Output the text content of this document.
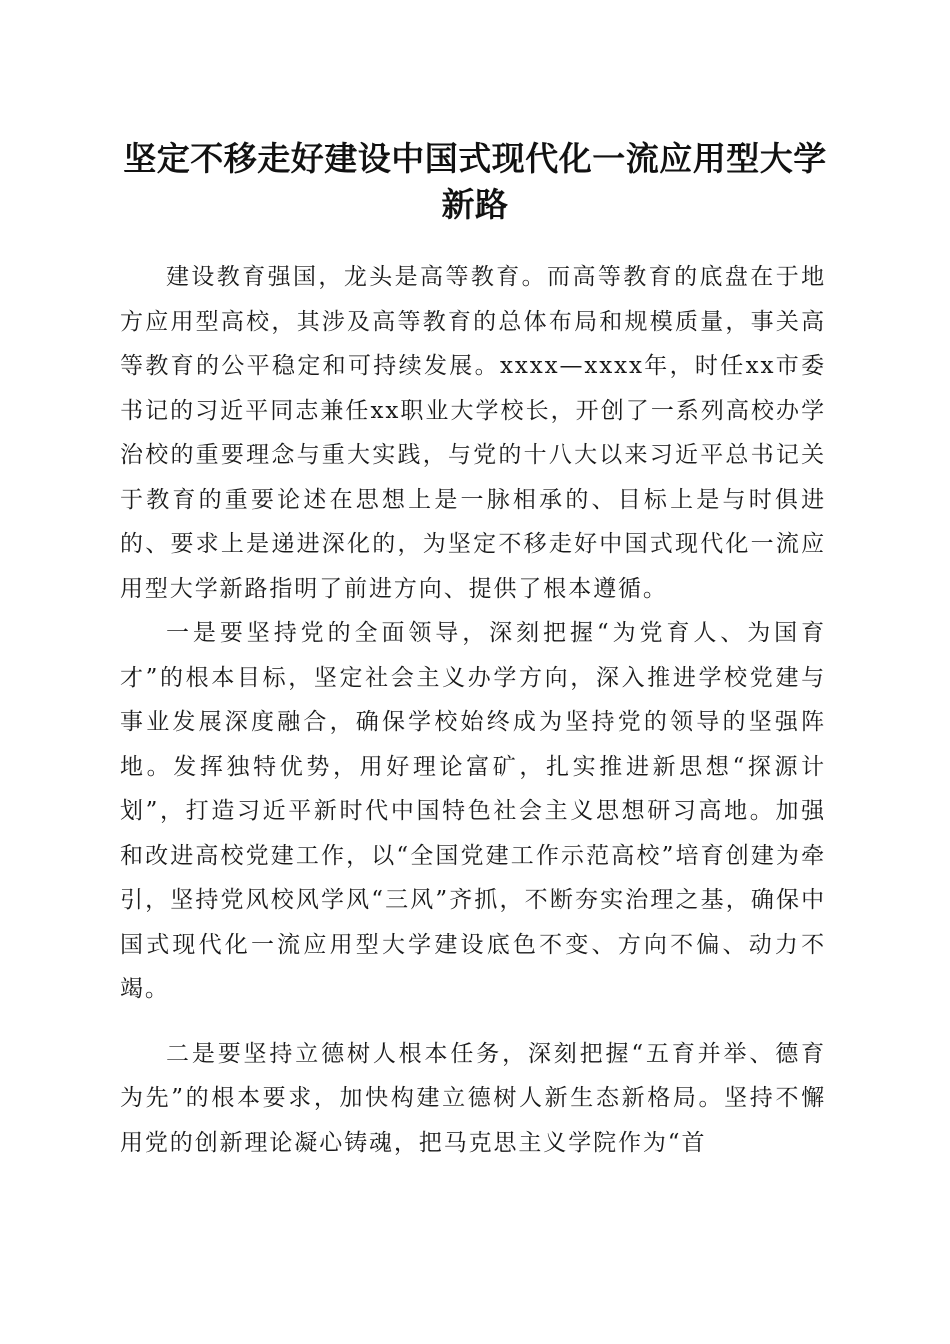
坚定不移走好建设中国式现代化一流应用型大学新路

建设教育强国，龙头是高等教育。而高等教育的底盘在于地方应用型高校，其涉及高等教育的总体布局和规模质量，事关高等教育的公平稳定和可持续发展。xxxx—xxxx年，时任xx市委书记的习近平同志兼任xx职业大学校长，开创了一系列高校办学治校的重要理念与重大实践，与党的十八大以来习近平总书记关于教育的重要论述在思想上是一脉相承的、目标上是与时俱进的、要求上是递进深化的，为坚定不移走好中国式现代化一流应用型大学新路指明了前进方向、提供了根本遵循。

一是要坚持党的全面领导，深刻把握“为党育人、为国育才”的根本目标，坚定社会主义办学方向，深入推进学校党建与事业发展深度融合，确保学校始终成为坚持党的领导的坚强阵地。发挥独特优势，用好理论富矿，扎实推进新思想“探源计划”，打造习近平新时代中国特色社会主义思想研习高地。加强和改进高校党建工作，以“全国党建工作示范高校”培育创建为牵引，坚持党风校风学风“三风”齐抓，不断夯实治理之基，确保中国式现代化一流应用型大学建设底色不变、方向不偏、动力不竭。

二是要坚持立德树人根本任务，深刻把握“五育并举、德育为先”的根本要求，加快构建立德树人新生态新格局。坚持不懈用党的创新理论凝心铸魂，把马克思主义学院作为“首
